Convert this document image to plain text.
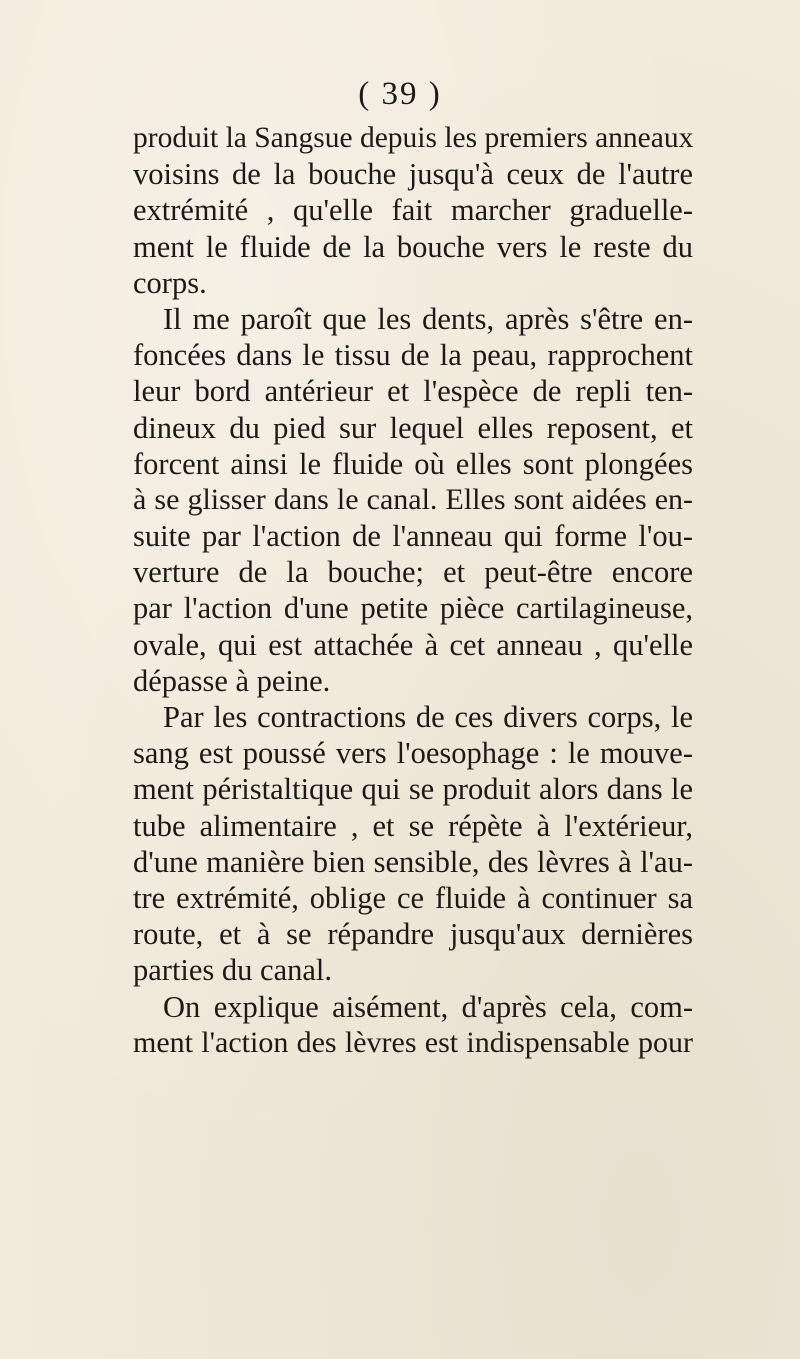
( 39 )
produit la Sangsue depuis les premiers anneaux
voisins de la bouche jusqu'à ceux de l'autre
extrémité , qu'elle fait marcher graduelle-
ment le fluide de la bouche vers le reste du
corps.
Il me paroît que les dents, après s'être en-
foncées dans le tissu de la peau, rapprochent
leur bord antérieur et l'espèce de repli ten-
dineux du pied sur lequel elles reposent, et
forcent ainsi le fluide où elles sont plongées
à se glisser dans le canal. Elles sont aidées en-
suite par l'action de l'anneau qui forme l'ou-
verture de la bouche; et peut-être encore
par l'action d'une petite pièce cartilagineuse,
ovale, qui est attachée à cet anneau , qu'elle
dépasse à peine.
Par les contractions de ces divers corps, le
sang est poussé vers l'oesophage : le mouve-
ment péristaltique qui se produit alors dans le
tube alimentaire , et se répète à l'extérieur,
d'une manière bien sensible, des lèvres à l'au-
tre extrémité, oblige ce fluide à continuer sa
route, et à se répandre jusqu'aux dernières
parties du canal.
On explique aisément, d'après cela, com-
ment l'action des lèvres est indispensable pour
